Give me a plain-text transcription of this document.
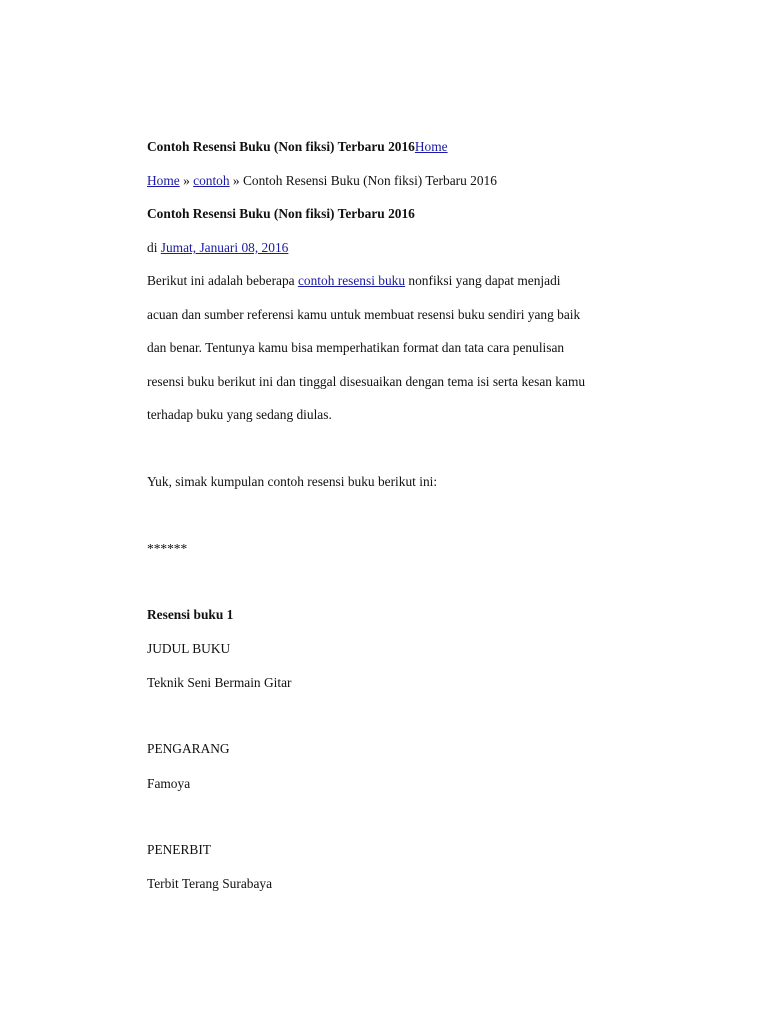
Contoh Resensi Buku (Non fiksi) Terbaru 2016Home
Home » contoh » Contoh Resensi Buku (Non fiksi) Terbaru 2016
Contoh Resensi Buku (Non fiksi) Terbaru 2016
di Jumat, Januari 08, 2016
Berikut ini adalah beberapa contoh resensi buku nonfiksi yang dapat menjadi
acuan dan sumber referensi kamu untuk membuat resensi buku sendiri yang baik
dan benar. Tentunya kamu bisa memperhatikan format dan tata cara penulisan
resensi buku berikut ini dan tinggal disesuaikan dengan tema isi serta kesan kamu
terhadap buku yang sedang diulas.
Yuk, simak kumpulan contoh resensi buku berikut ini:
******
Resensi buku 1
JUDUL BUKU
Teknik Seni Bermain Gitar
PENGARANG
Famoya
PENERBIT
Terbit Terang Surabaya
